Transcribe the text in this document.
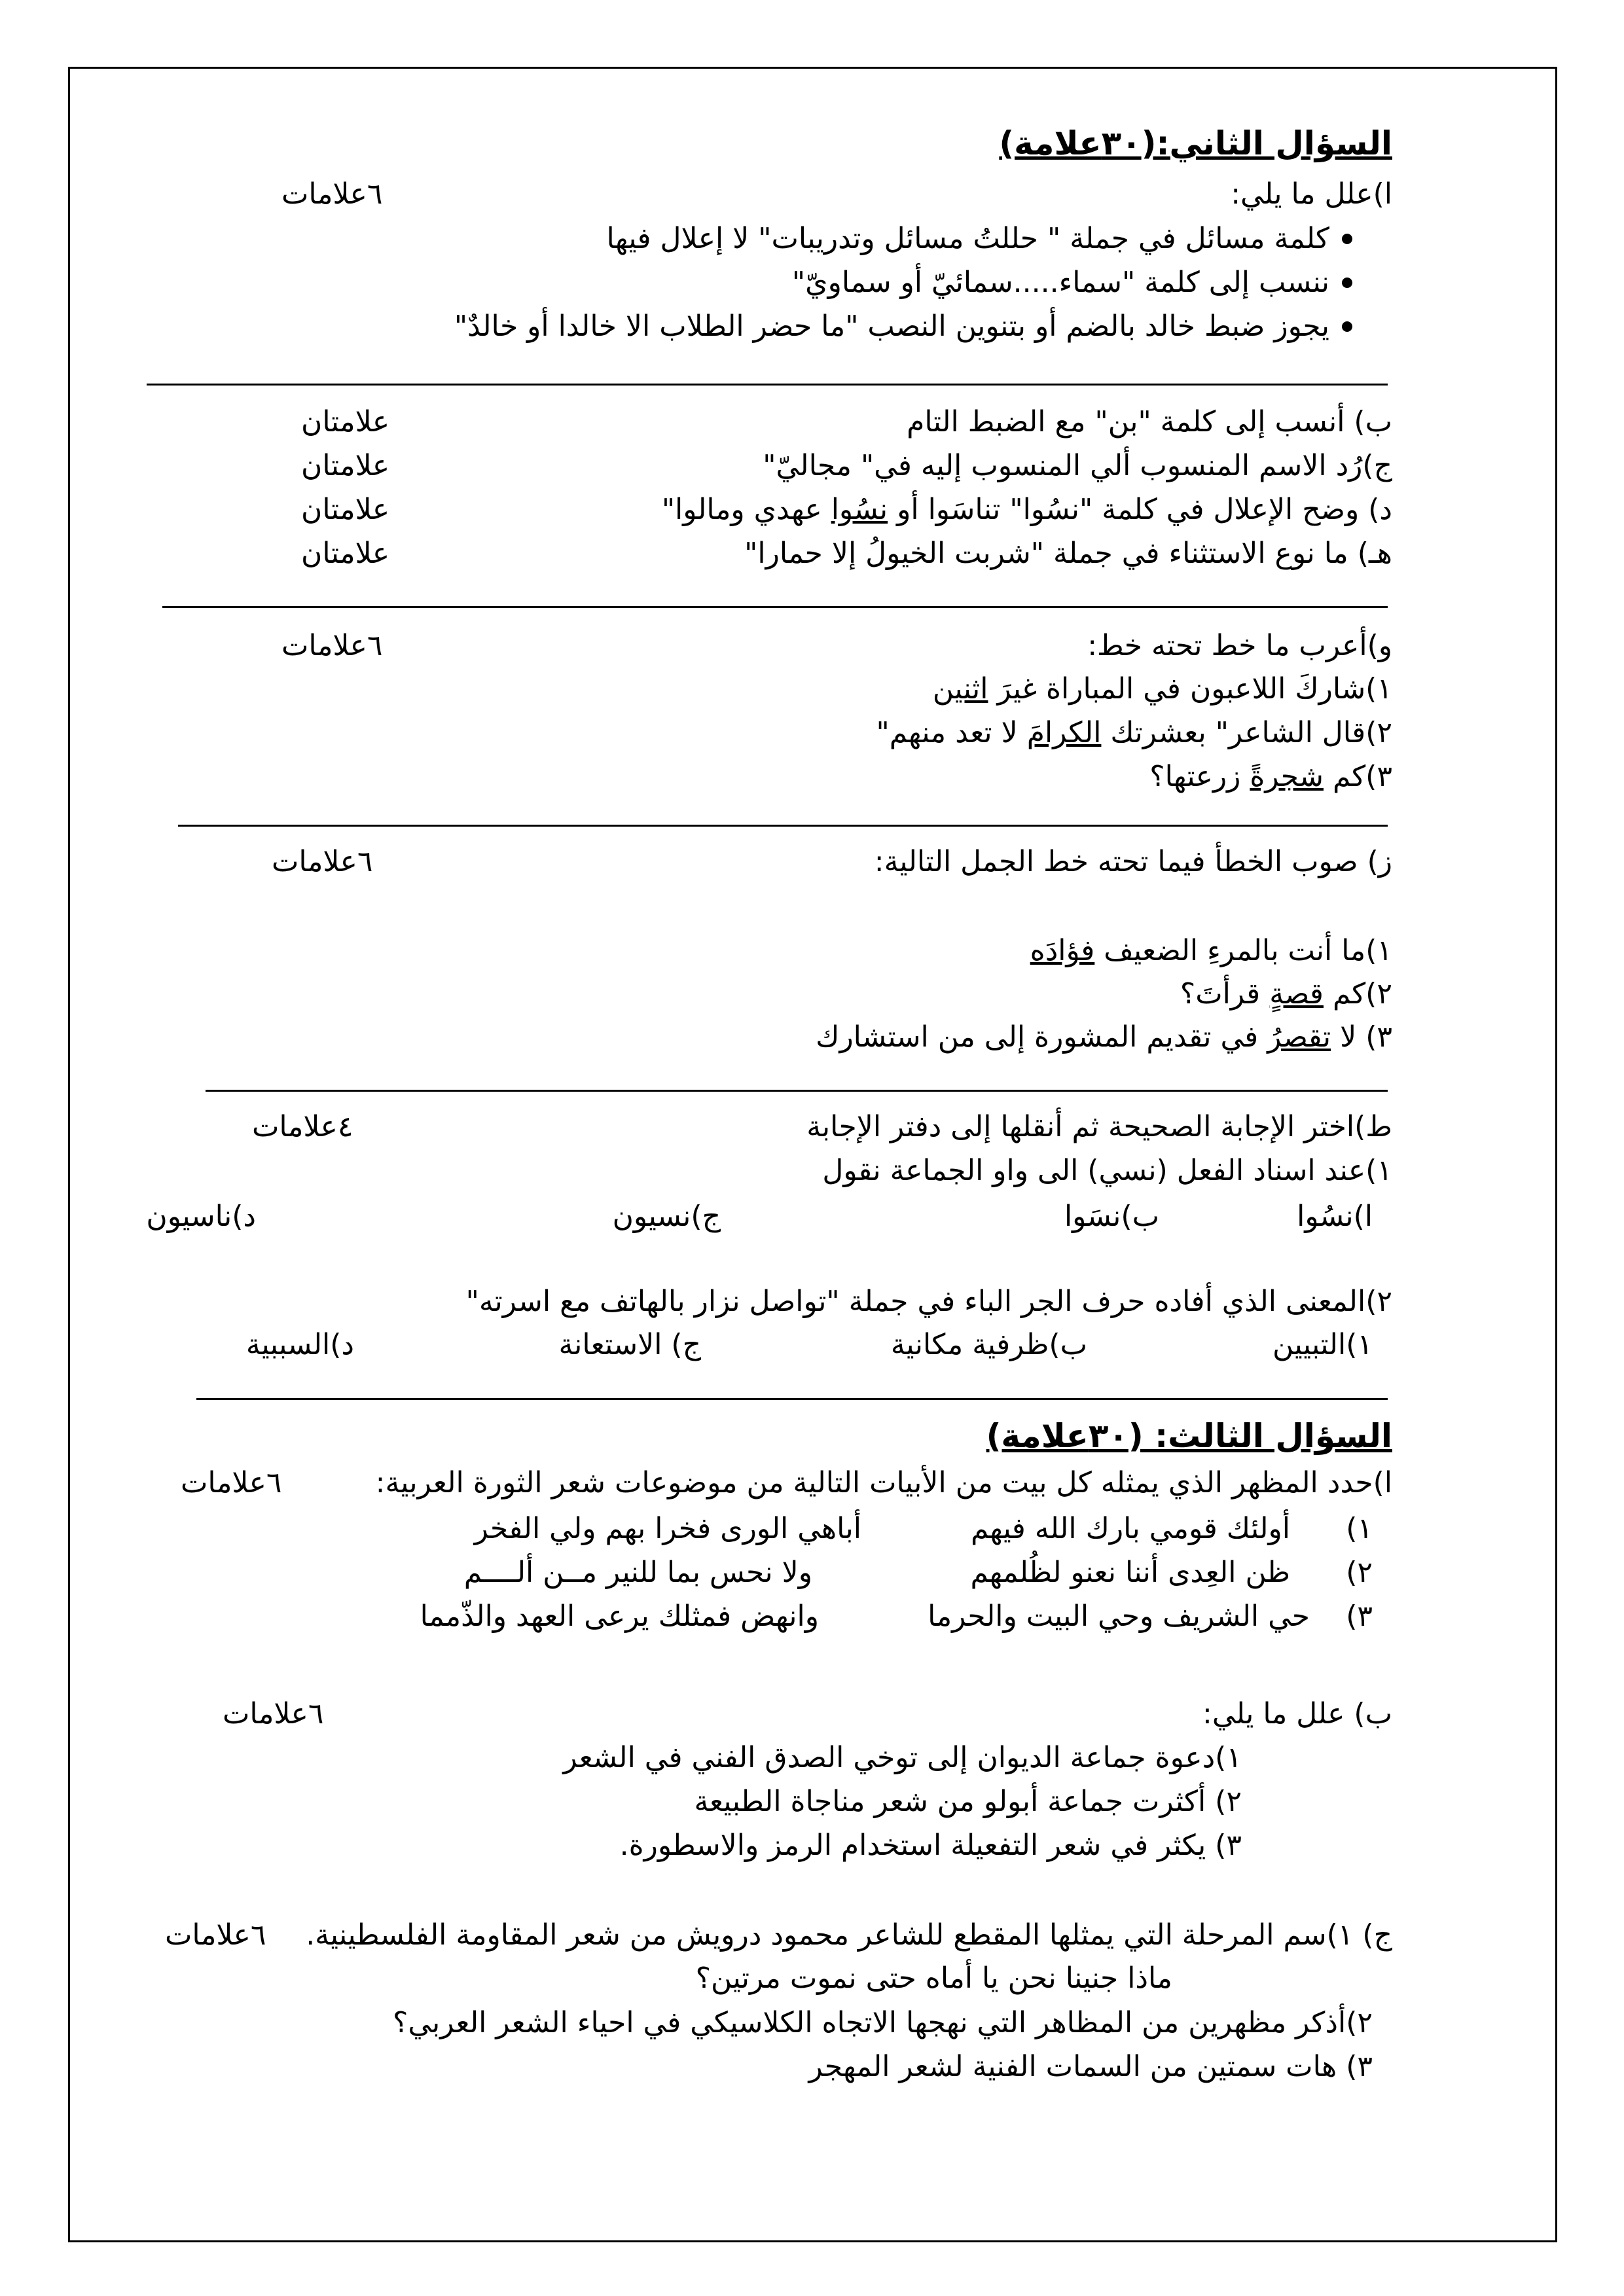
السؤال الثاني:(٣٠علامة)
ا)علل ما يلي:
٦علامات
كلمة مسائل في جملة " حللتُ مسائل وتدريبات" لا إعلال فيها
ننسب إلى كلمة "سماء.....سمائيّ أو سماويّ"
يجوز ضبط خالد بالضم أو بتنوين النصب "ما حضر الطلاب الا خالدا أو خالدٌ"
ب) أنسب إلى كلمة "بن" مع الضبط التام
علامتان
ج)رُد الاسم المنسوب ألي المنسوب إليه في" مجاليّ"
علامتان
د) وضح الإعلال في كلمة "نسُوا" تناسَوا أو نسُوا عهدي ومالوا"
علامتان
هـ) ما نوع الاستثناء في جملة "شربت الخيولُ إلا حمارا"
علامتان
و)أعرب ما خط تحته خط:
٦علامات
١)شاركَ اللاعبون في المباراة غيرَ اثنين
٢)قال الشاعر" بعشرتك الكرامَ لا تعد منهم"
٣)كم شجرةً زرعتها؟
ز) صوب الخطأ فيما تحته خط الجمل التالية:
٦علامات
١)ما أنت بالمرءِ الضعيف فؤادَه
٢)كم قصةٍ قرأتَ؟
٣) لا تقصرُ في تقديم المشورة إلى من استشارك
ط)اختر الإجابة الصحيحة ثم أنقلها إلى دفتر الإجابة
٤علامات
١)عند اسناد الفعل (نسي) الى واو الجماعة نقول
ا)نسُوا
ب)نسَوا
ج)نسيون
د)ناسيون
٢)المعنى الذي أفاده حرف الجر الباء في جملة "تواصل نزار بالهاتف مع اسرته"
١)التبيين
ب)ظرفية مكانية
ج) الاستعانة
د)السببية
السؤال الثالث: (٣٠علامة)
ا)حدد المظهر الذي يمثله كل بيت من الأبيات التالية من موضوعات شعر الثورة العربية:
٦علامات
١)
أولئك قومي بارك الله فيهم
أباهي الورى فخرا بهم ولي الفخر
٢)
ظن العِدى أننا نعنو لظُلمهم
ولا نحس بما للنير مــن ألــــم
٣)
حي الشريف وحي البيت والحرما
وانهض فمثلك يرعى العهد والذّمما
ب) علل ما يلي:
٦علامات
١)دعوة جماعة الديوان إلى توخي الصدق الفني في الشعر
٢) أكثرت جماعة أبولو من شعر مناجاة الطبيعة
٣) يكثر في شعر التفعيلة استخدام الرمز والاسطورة.
ج) ١)سم المرحلة التي يمثلها المقطع للشاعر محمود درويش من شعر المقاومة الفلسطينية.
٦علامات
ماذا جنينا نحن يا أماه حتى نموت مرتين؟
٢)أذكر مظهرين من المظاهر التي نهجها الاتجاه الكلاسيكي في احياء الشعر العربي؟
٣) هات سمتين من السمات الفنية لشعر المهجر
